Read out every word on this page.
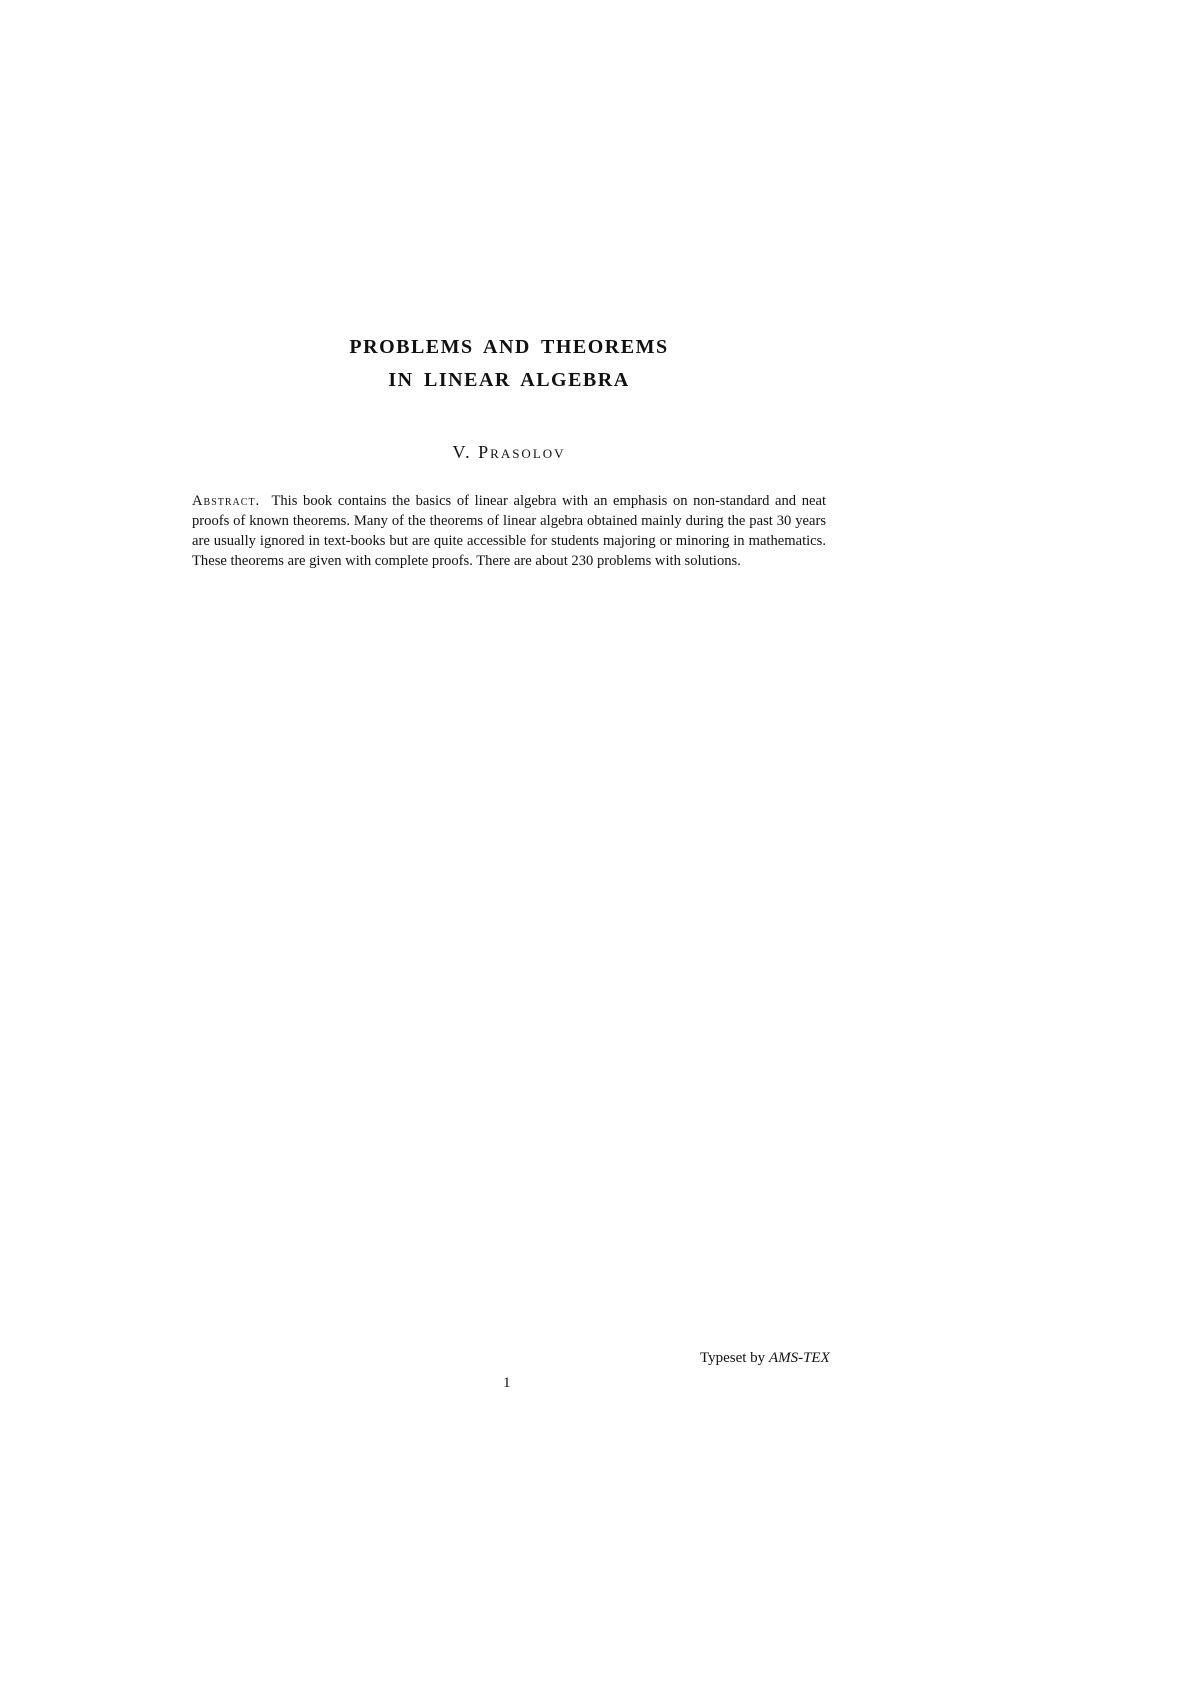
PROBLEMS AND THEOREMS
IN LINEAR ALGEBRA
V. Prasolov

Abstract. This book contains the basics of linear algebra with an emphasis on non-standard and neat proofs of known theorems. Many of the theorems of linear algebra obtained mainly during the past 30 years are usually ignored in text-books but are quite accessible for students majoring or minoring in mathematics. These theorems are given with complete proofs. There are about 230 problems with solutions.

Typeset by AMS-TEX
1
